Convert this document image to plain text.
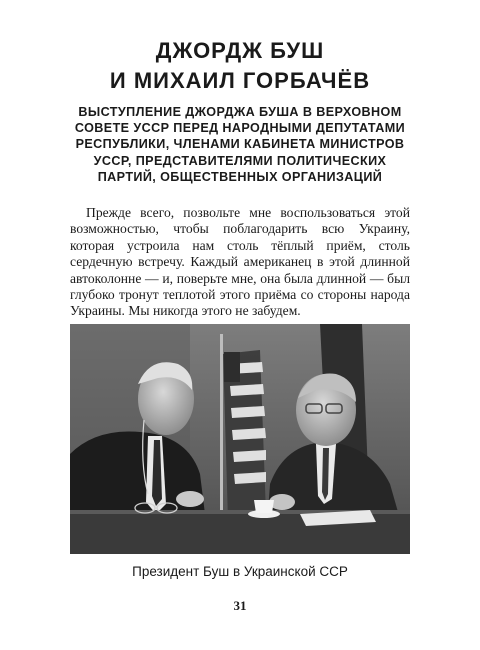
ДЖОРДЖ БУШ
И МИХАИЛ ГОРБАЧЁВ

ВЫСТУПЛЕНИЕ ДЖОРДЖА БУША В ВЕРХОВНОМ СОВЕТЕ УССР ПЕРЕД НАРОДНЫМИ ДЕПУТАТАМИ РЕСПУБЛИКИ, ЧЛЕНАМИ КАБИНЕТА МИНИСТРОВ УССР, ПРЕДСТАВИТЕЛЯМИ ПОЛИТИЧЕСКИХ ПАРТИЙ, ОБЩЕСТВЕННЫХ ОРГАНИЗАЦИЙ

Прежде всего, позвольте мне воспользоваться этой возможностью, чтобы поблагодарить всю Украину, которая устроила нам столь тёплый приём, столь сердечную встречу. Каждый американец в этой длинной автоколонне — и, поверьте мне, она была длинной — был глубоко тронут теплотой этого приёма со стороны народа Украины. Мы никогда этого не забудем.

Президент Буш в Украинской ССР

31
